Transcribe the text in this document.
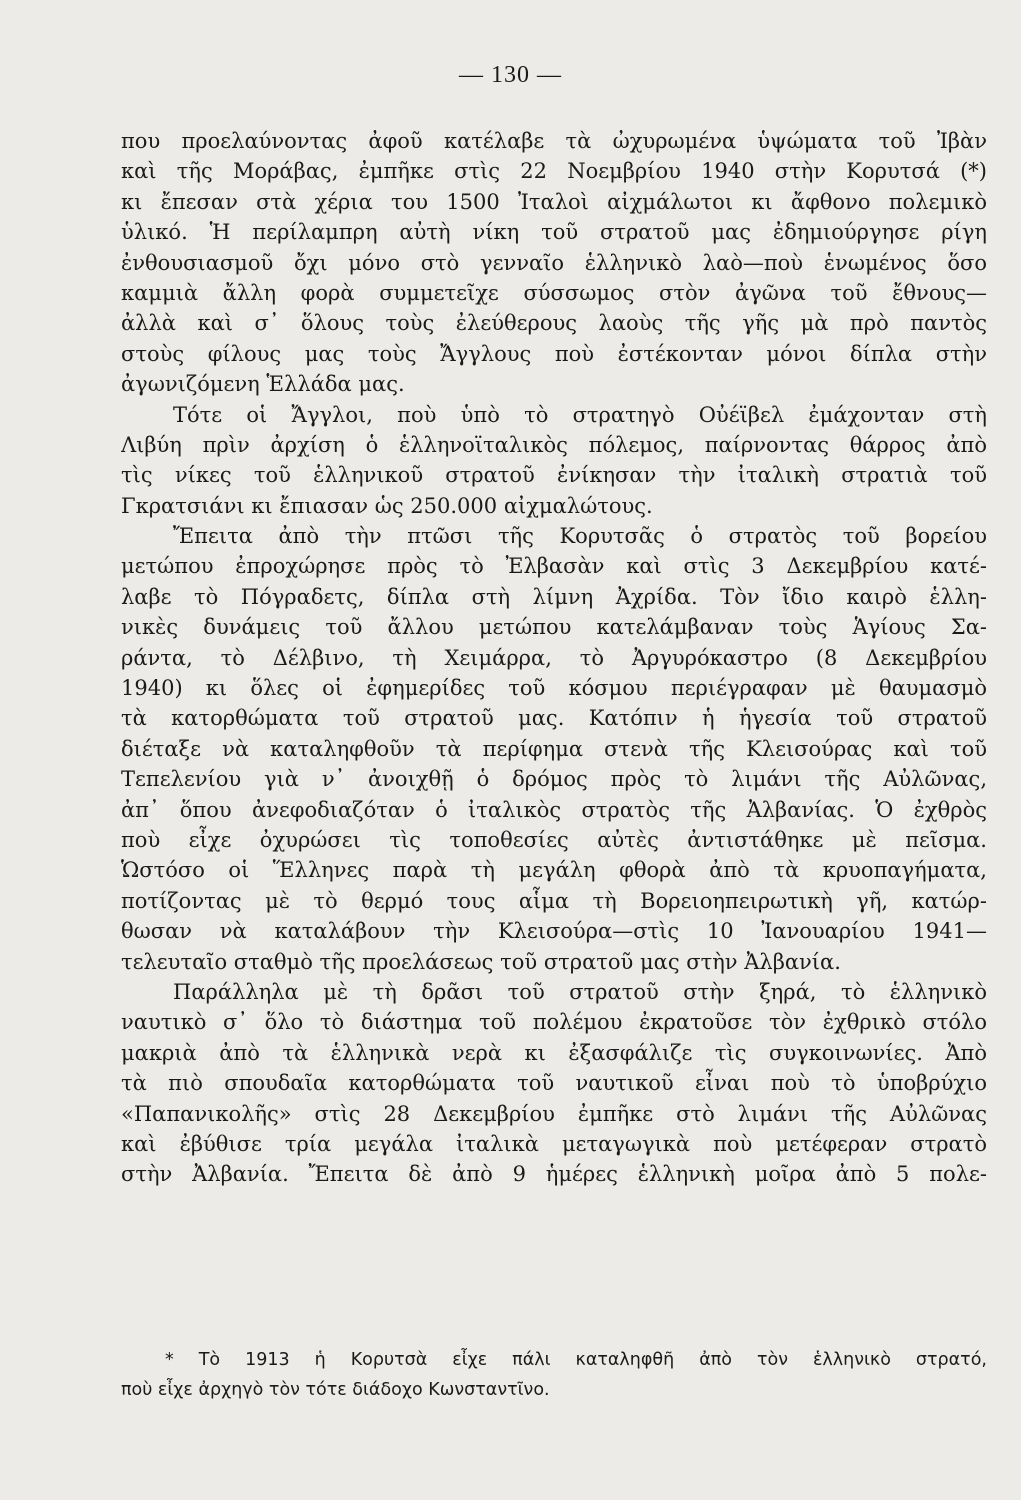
— 130 —
που προελαύνοντας ἀφοῦ κατέλαβε τὰ ὠχυρωμένα ὑψώματα τοῦ Ἰβὰν
καὶ τῆς Μοράβας, ἐμπῆκε στὶς 22 Νοεμβρίου 1940 στὴν Κορυτσά (*)
κι ἔπεσαν στὰ χέρια του 1500 Ἰταλοὶ αἰχμάλωτοι κι ἄφθονο πολεμικὸ
ὑλικό. Ἡ περίλαμπρη αὐτὴ νίκη τοῦ στρατοῦ μας ἐδημιούργησε ρίγη
ἐνθουσιασμοῦ ὄχι μόνο στὸ γενναῖο ἑλληνικὸ λαὸ—ποὺ ἑνωμένος ὅσο
καμμιὰ ἄλλη φορὰ συμμετεῖχε σύσσωμος στὸν ἀγῶνα τοῦ ἔθνους—
ἀλλὰ καὶ σ᾽ ὅλους τοὺς ἐλεύθερους λαοὺς τῆς γῆς μὰ πρὸ παντὸς
στοὺς φίλους μας τοὺς Ἄγγλους ποὺ ἐστέκονταν μόνοι δίπλα στὴν
ἀγωνιζόμενη Ἑλλάδα μας.
Τότε οἱ Ἄγγλοι, ποὺ ὑπὸ τὸ στρατηγὸ Οὐέϊβελ ἐμάχονταν στὴ
Λιβύη πρὶν ἀρχίση ὁ ἑλληνοϊταλικὸς πόλεμος, παίρνοντας θάρρος ἀπὸ
τὶς νίκες τοῦ ἑλληνικοῦ στρατοῦ ἐνίκησαν τὴν ἰταλικὴ στρατιὰ τοῦ
Γκρατσιάνι κι ἔπιασαν ὡς 250.000 αἰχμαλώτους.
Ἔπειτα ἀπὸ τὴν πτῶσι τῆς Κορυτσᾶς ὁ στρατὸς τοῦ βορείου
μετώπου ἐπροχώρησε πρὸς τὸ Ἐλβασὰν καὶ στὶς 3 Δεκεμβρίου κατέ-
λαβε τὸ Πόγραδετς, δίπλα στὴ λίμνη Ἀχρίδα. Τὸν ἴδιο καιρὸ ἑλλη-
νικὲς δυνάμεις τοῦ ἄλλου μετώπου κατελάμβαναν τοὺς Ἁγίους Σα-
ράντα, τὸ Δέλβινο, τὴ Χειμάρρα, τὸ Ἀργυρόκαστρο (8 Δεκεμβρίου
1940) κι ὅλες οἱ ἐφημερίδες τοῦ κόσμου περιέγραφαν μὲ θαυμασμὸ
τὰ κατορθώματα τοῦ στρατοῦ μας. Κατόπιν ἡ ἡγεσία τοῦ στρατοῦ
διέταξε νὰ καταληφθοῦν τὰ περίφημα στενὰ τῆς Κλεισούρας καὶ τοῦ
Τεπελενίου γιὰ ν᾽ ἀνοιχθῇ ὁ δρόμος πρὸς τὸ λιμάνι τῆς Αὐλῶνας,
ἀπ᾽ ὅπου ἀνεφοδιαζόταν ὁ ἰταλικὸς στρατὸς τῆς Ἀλβανίας. Ὁ ἐχθρὸς
ποὺ εἶχε ὀχυρώσει τὶς τοποθεσίες αὐτὲς ἀντιστάθηκε μὲ πεῖσμα.
Ὡστόσο οἱ Ἕλληνες παρὰ τὴ μεγάλη φθορὰ ἀπὸ τὰ κρυοπαγήματα,
ποτίζοντας μὲ τὸ θερμό τους αἷμα τὴ Βορειοηπειρωτικὴ γῆ, κατώρ-
θωσαν νὰ καταλάβουν τὴν Κλεισούρα—στὶς 10 Ἰανουαρίου 1941—
τελευταῖο σταθμὸ τῆς προελάσεως τοῦ στρατοῦ μας στὴν Ἀλβανία.
Παράλληλα μὲ τὴ δρᾶσι τοῦ στρατοῦ στὴν ξηρά, τὸ ἑλληνικὸ
ναυτικὸ σ᾽ ὅλο τὸ διάστημα τοῦ πολέμου ἐκρατοῦσε τὸν ἐχθρικὸ στόλο
μακριὰ ἀπὸ τὰ ἑλληνικὰ νερὰ κι ἐξασφάλιζε τὶς συγκοινωνίες. Ἀπὸ
τὰ πιὸ σπουδαῖα κατορθώματα τοῦ ναυτικοῦ εἶναι ποὺ τὸ ὑποβρύχιο
«Παπανικολῆς» στὶς 28 Δεκεμβρίου ἐμπῆκε στὸ λιμάνι τῆς Αὐλῶνας
καὶ ἐβύθισε τρία μεγάλα ἰταλικὰ μεταγωγικὰ ποὺ μετέφεραν στρατὸ
στὴν Ἀλβανία. Ἔπειτα δὲ ἀπὸ 9 ἡμέρες ἑλληνικὴ μοῖρα ἀπὸ 5 πολε-
* Τὸ 1913 ἡ Κορυτσὰ εἶχε πάλι καταληφθῆ ἀπὸ τὸν ἑλληνικὸ στρατό,
ποὺ εἶχε ἀρχηγὸ τὸν τότε διάδοχο Κωνσταντῖνο.
